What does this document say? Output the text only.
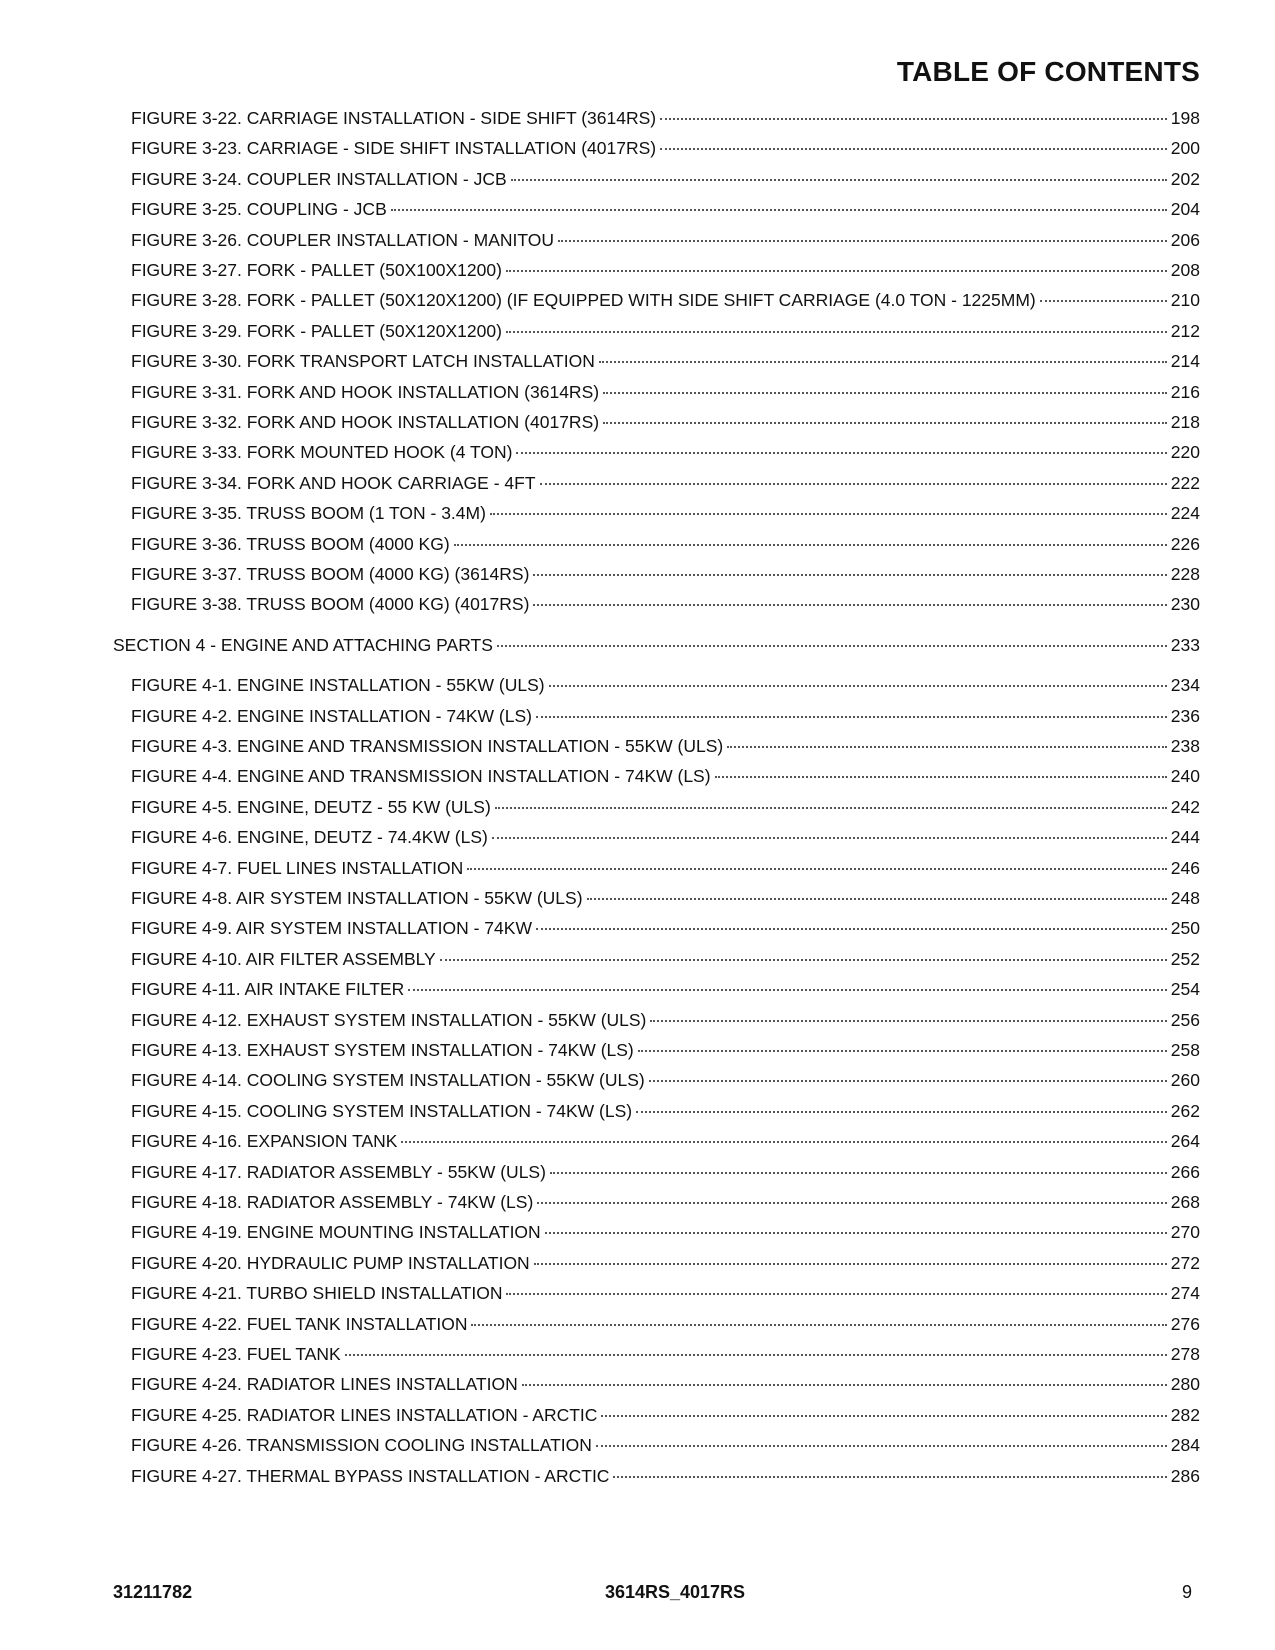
TABLE OF CONTENTS
FIGURE 3-22. CARRIAGE INSTALLATION - SIDE SHIFT (3614RS)	198
FIGURE 3-23. CARRIAGE - SIDE SHIFT INSTALLATION (4017RS)	200
FIGURE 3-24. COUPLER INSTALLATION - JCB	202
FIGURE 3-25. COUPLING - JCB	204
FIGURE 3-26. COUPLER INSTALLATION - MANITOU	206
FIGURE 3-27. FORK - PALLET (50X100X1200)	208
FIGURE 3-28. FORK - PALLET (50X120X1200) (IF EQUIPPED WITH SIDE SHIFT CARRIAGE (4.0 TON - 1225MM)	210
FIGURE 3-29. FORK - PALLET (50X120X1200)	212
FIGURE 3-30. FORK TRANSPORT LATCH INSTALLATION	214
FIGURE 3-31. FORK AND HOOK INSTALLATION (3614RS)	216
FIGURE 3-32. FORK AND HOOK INSTALLATION (4017RS)	218
FIGURE 3-33. FORK MOUNTED HOOK (4 TON)	220
FIGURE 3-34. FORK AND HOOK CARRIAGE - 4FT	222
FIGURE 3-35. TRUSS BOOM (1 TON - 3.4M)	224
FIGURE 3-36. TRUSS BOOM (4000 KG)	226
FIGURE 3-37. TRUSS BOOM (4000 KG) (3614RS)	228
FIGURE 3-38. TRUSS BOOM (4000 KG) (4017RS)	230
SECTION 4 - ENGINE AND ATTACHING PARTS	233
FIGURE 4-1. ENGINE INSTALLATION - 55KW (ULS)	234
FIGURE 4-2. ENGINE INSTALLATION - 74KW (LS)	236
FIGURE 4-3. ENGINE AND TRANSMISSION INSTALLATION - 55KW (ULS)	238
FIGURE 4-4. ENGINE AND TRANSMISSION INSTALLATION - 74KW (LS)	240
FIGURE 4-5. ENGINE, DEUTZ - 55 KW (ULS)	242
FIGURE 4-6. ENGINE, DEUTZ - 74.4KW (LS)	244
FIGURE 4-7. FUEL LINES INSTALLATION	246
FIGURE 4-8. AIR SYSTEM INSTALLATION - 55KW (ULS)	248
FIGURE 4-9. AIR SYSTEM INSTALLATION - 74KW	250
FIGURE 4-10. AIR FILTER ASSEMBLY	252
FIGURE 4-11. AIR INTAKE FILTER	254
FIGURE 4-12. EXHAUST SYSTEM INSTALLATION - 55KW (ULS)	256
FIGURE 4-13. EXHAUST SYSTEM INSTALLATION - 74KW (LS)	258
FIGURE 4-14. COOLING SYSTEM INSTALLATION - 55KW (ULS)	260
FIGURE 4-15. COOLING SYSTEM INSTALLATION - 74KW (LS)	262
FIGURE 4-16. EXPANSION TANK	264
FIGURE 4-17. RADIATOR ASSEMBLY - 55KW (ULS)	266
FIGURE 4-18. RADIATOR ASSEMBLY - 74KW (LS)	268
FIGURE 4-19. ENGINE MOUNTING INSTALLATION	270
FIGURE 4-20. HYDRAULIC PUMP INSTALLATION	272
FIGURE 4-21. TURBO SHIELD INSTALLATION	274
FIGURE 4-22. FUEL TANK INSTALLATION	276
FIGURE 4-23. FUEL TANK	278
FIGURE 4-24. RADIATOR LINES INSTALLATION	280
FIGURE 4-25. RADIATOR LINES INSTALLATION - ARCTIC	282
FIGURE 4-26. TRANSMISSION COOLING INSTALLATION	284
FIGURE 4-27. THERMAL BYPASS INSTALLATION - ARCTIC	286
31211782	3614RS_4017RS	9
